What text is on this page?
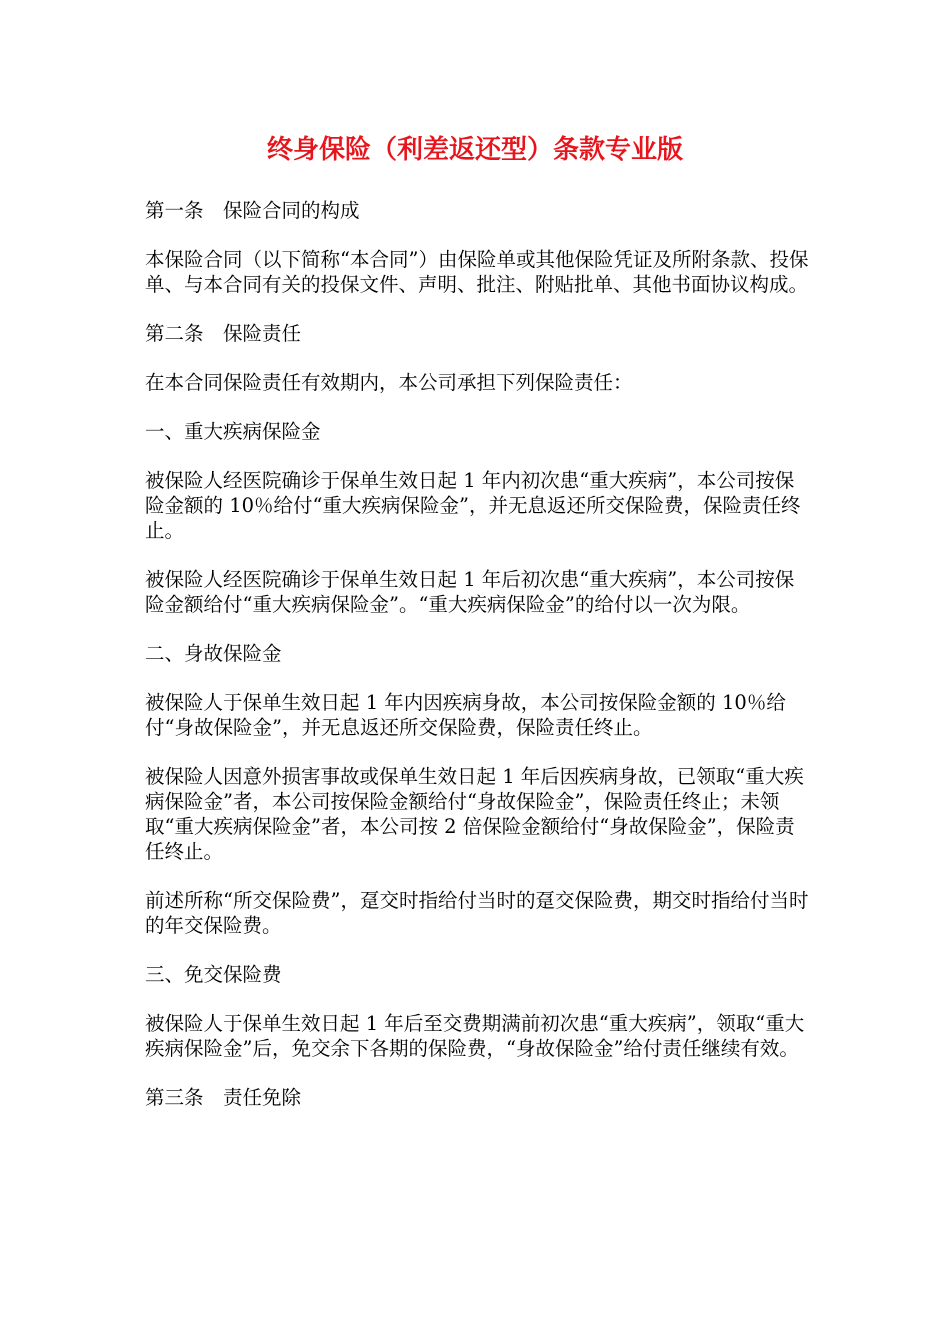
终身保险（利差返还型）条款专业版

第一条　保险合同的构成

本保险合同（以下简称“本合同”）由保险单或其他保险凭证及所附条款、投保单、与本合同有关的投保文件、声明、批注、附贴批单、其他书面协议构成。

第二条　保险责任

在本合同保险责任有效期内，本公司承担下列保险责任：

一、重大疾病保险金

被保险人经医院确诊于保单生效日起 1 年内初次患“重大疾病”，本公司按保险金额的 10％给付“重大疾病保险金”，并无息返还所交保险费，保险责任终止。

被保险人经医院确诊于保单生效日起 1 年后初次患“重大疾病”，本公司按保险金额给付“重大疾病保险金”。“重大疾病保险金”的给付以一次为限。

二、身故保险金

被保险人于保单生效日起 1 年内因疾病身故，本公司按保险金额的 10％给付“身故保险金”，并无息返还所交保险费，保险责任终止。

被保险人因意外损害事故或保单生效日起 1 年后因疾病身故，已领取“重大疾病保险金”者，本公司按保险金额给付“身故保险金”，保险责任终止；未领取“重大疾病保险金”者，本公司按 2 倍保险金额给付“身故保险金”，保险责任终止。

前述所称“所交保险费”，趸交时指给付当时的趸交保险费，期交时指给付当时的年交保险费。

三、免交保险费

被保险人于保单生效日起 1 年后至交费期满前初次患“重大疾病”，领取“重大疾病保险金”后，免交余下各期的保险费，“身故保险金”给付责任继续有效。

第三条　责任免除
